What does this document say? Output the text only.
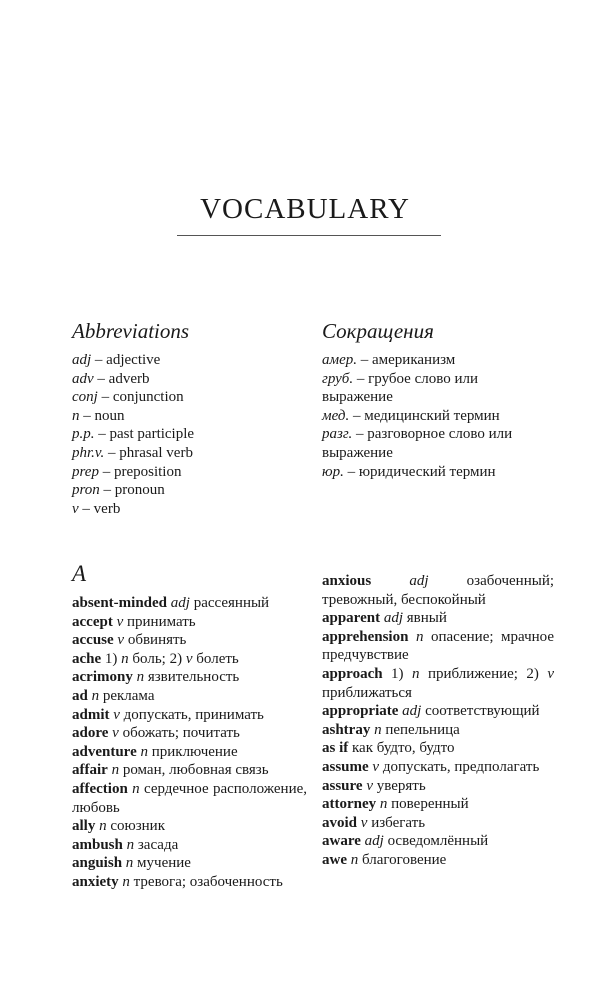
VOCABULARY
Abbreviations
adj – adjective
adv – adverb
conj – conjunction
n – noun
p.p. – past participle
phr.v. – phrasal verb
prep – preposition
pron – pronoun
v – verb
Сокращения
амер. – американизм
груб. – грубое слово или выражение
мед. – медицинский термин
разг. – разговорное слово или выражение
юр. – юридический термин
A
absent-minded adj рассеянный
accept v принимать
accuse v обвинять
ache 1) n боль; 2) v болеть
acrimony n язвительность
ad n реклама
admit v допускать, принимать
adore v обожать; почитать
adventure n приключение
affair n роман, любовная связь
affection n сердечное расположение, любовь
ally n союзник
ambush n засада
anguish n мучение
anxiety n тревога; озабоченность
anxious	adj	озабоченный; тревожный, беспокойный
apparent adj явный
apprehension n опасение; мрачное предчувствие
approach 1) n приближение; 2) v приближаться
appropriate adj соответствующий
ashtray n пепельница
as if как будто, будто
assume v допускать, предполагать
assure v уверять
attorney n поверенный
avoid v избегать
aware adj осведомлённый
awe n благоговение
